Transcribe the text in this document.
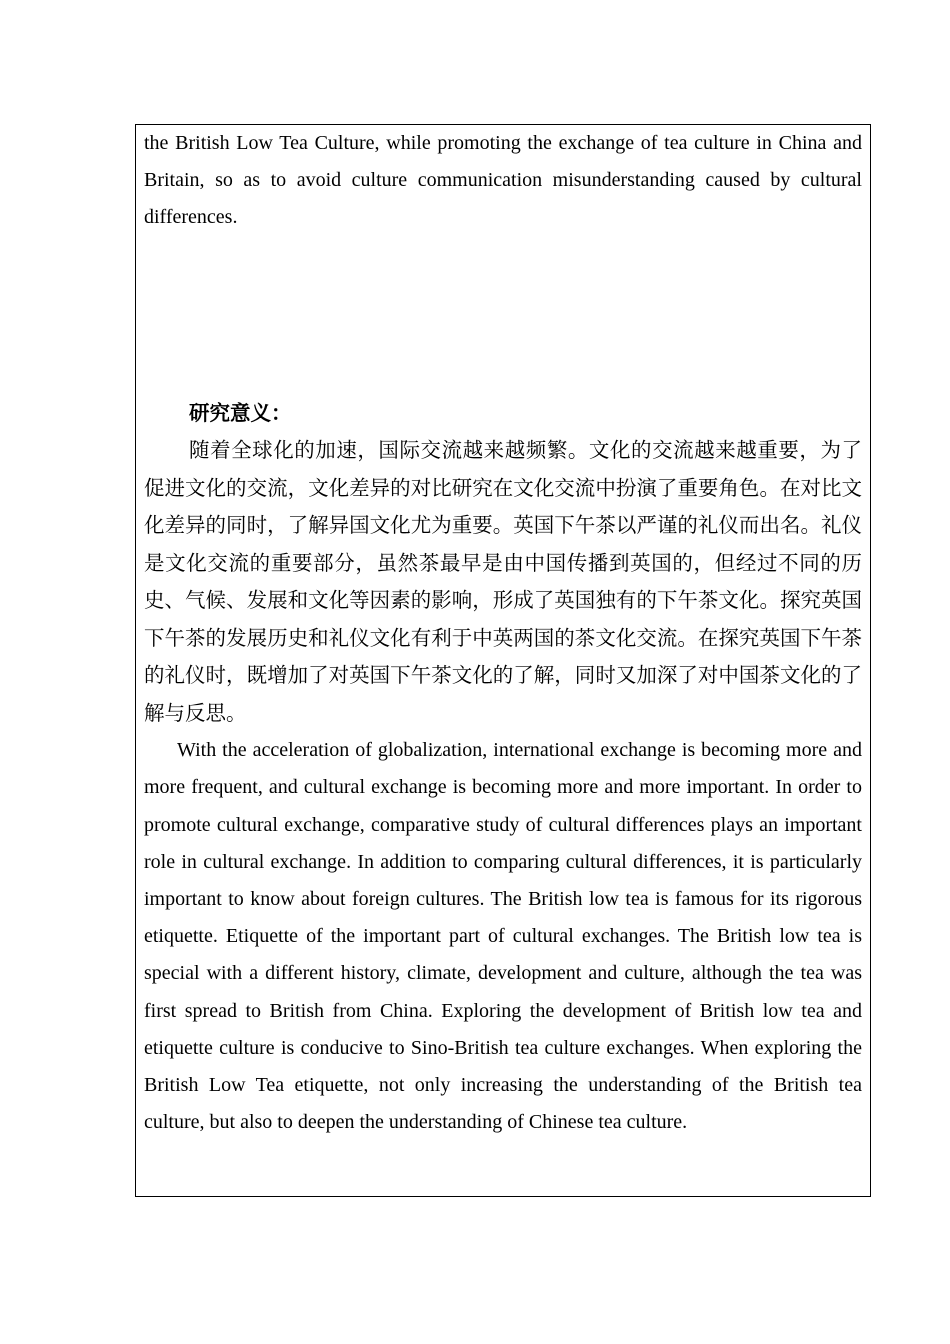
the British Low Tea Culture, while promoting the exchange of tea culture in China and Britain, so as to avoid culture communication misunderstanding caused by cultural differences.

研究意义：

随着全球化的加速，国际交流越来越频繁。文化的交流越来越重要，为了促进文化的交流，文化差异的对比研究在文化交流中扮演了重要角色。在对比文化差异的同时，了解异国文化尤为重要。英国下午茶以严谨的礼仪而出名。礼仪是文化交流的重要部分，虽然茶最早是由中国传播到英国的，但经过不同的历史、气候、发展和文化等因素的影响，形成了英国独有的下午茶文化。探究英国下午茶的发展历史和礼仪文化有利于中英两国的茶文化交流。在探究英国下午茶的礼仪时，既增加了对英国下午茶文化的了解，同时又加深了对中国茶文化的了解与反思。

With the acceleration of globalization, international exchange is becoming more and more frequent, and cultural exchange is becoming more and more important. In order to promote cultural exchange, comparative study of cultural differences plays an important role in cultural exchange. In addition to comparing cultural differences, it is particularly important to know about foreign cultures. The British low tea is famous for its rigorous etiquette. Etiquette of the important part of cultural exchanges. The British low tea is special with a different history, climate, development and culture, although the tea was first spread to British from China. Exploring the development of British low tea and etiquette culture is conducive to Sino-British tea culture exchanges. When exploring the British Low Tea etiquette, not only increasing the understanding of the British tea culture, but also to deepen the understanding of Chinese tea culture.
